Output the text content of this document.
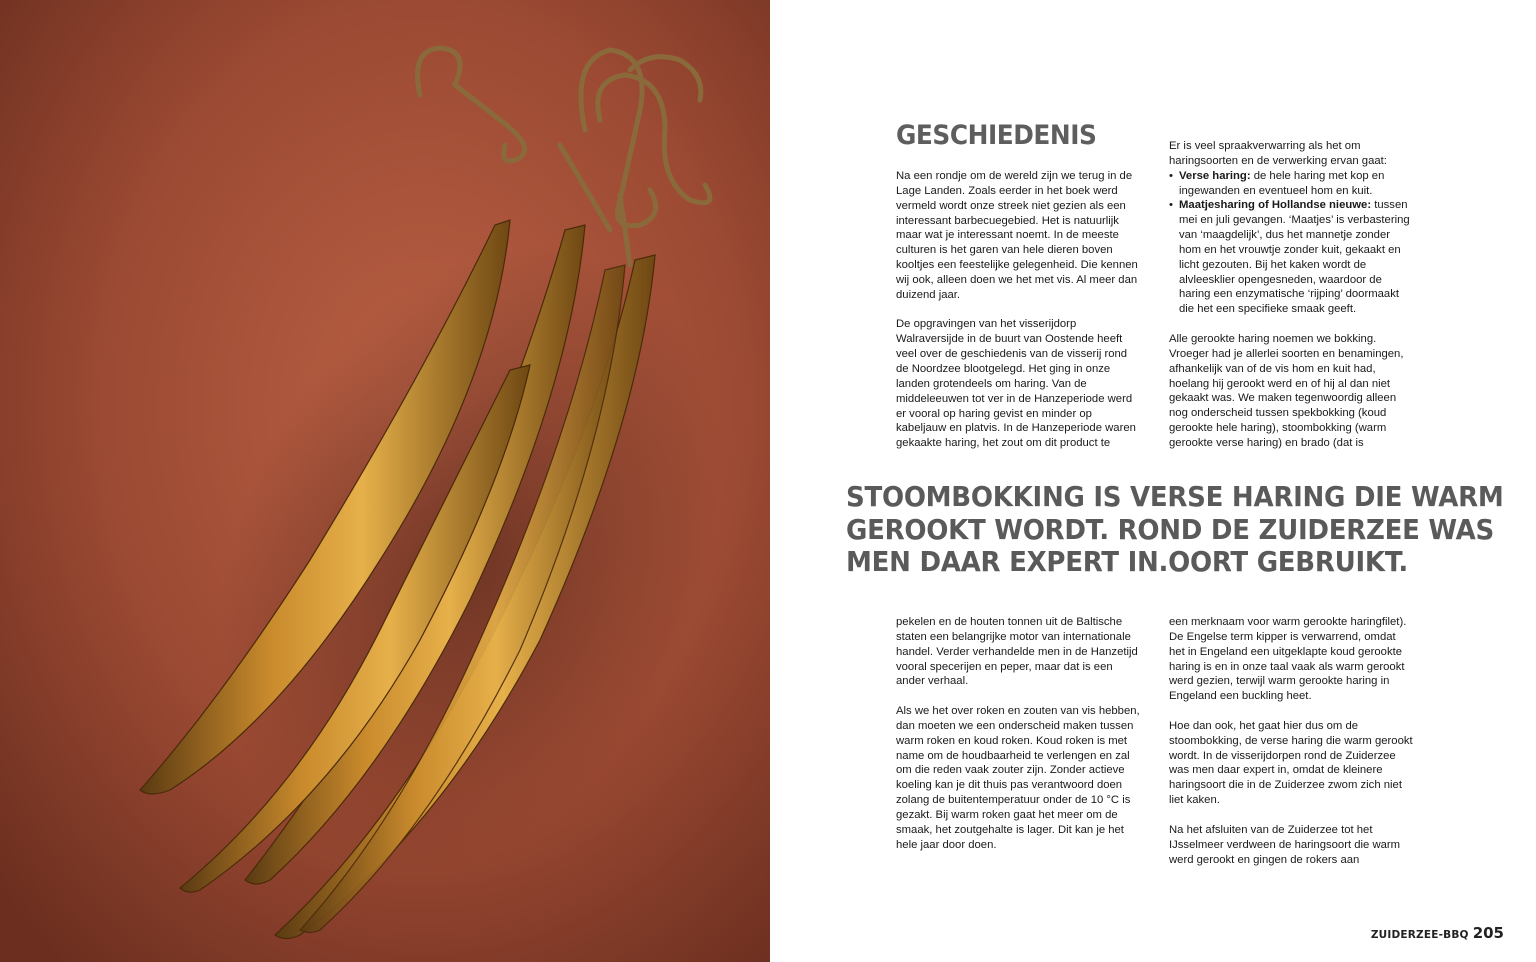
GESCHIEDENIS

Na een rondje om de wereld zijn we terug in de Lage Landen. Zoals eerder in het boek werd vermeld wordt onze streek niet gezien als een interessant barbecuegebied. Het is natuurlijk maar wat je interessant noemt. In de meeste culturen is het garen van hele dieren boven kooltjes een feestelijke gelegenheid. Die kennen wij ook, alleen doen we het met vis. Al meer dan duizend jaar.

De opgravingen van het visserijdorp Walraversijde in de buurt van Oostende heeft veel over de geschiedenis van de visserij rond de Noordzee blootgelegd. Het ging in onze landen grotendeels om haring. Van de middeleeuwen tot ver in de Hanzeperiode werd er vooral op haring gevist en minder op kabeljauw en platvis. In de Hanzeperiode waren gekaakte haring, het zout om dit product te

Er is veel spraakverwarring als het om haringsoorten en de verwerking ervan gaat:
• Verse haring: de hele haring met kop en ingewanden en eventueel hom en kuit.
• Maatjesharing of Hollandse nieuwe: tussen mei en juli gevangen. ‘Maatjes’ is verbastering van ‘maagdelijk’, dus het mannetje zonder hom en het vrouwtje zonder kuit, gekaakt en licht gezouten. Bij het kaken wordt de alvleesklier opengesneden, waardoor de haring een enzymatische ‘rijping’ doormaakt die het een specifieke smaak geeft.

Alle gerookte haring noemen we bokking. Vroeger had je allerlei soorten en benamingen, afhankelijk van of de vis hom en kuit had, hoelang hij gerookt werd en of hij al dan niet gekaakt was. We maken tegenwoordig alleen nog onderscheid tussen spekbokking (koud gerookte hele haring), stoombokking (warm gerookte verse haring) en brado (dat is

STOOMBOKKING IS VERSE HARING DIE WARM
GEROOKT WORDT. ROND DE ZUIDERZEE WAS
MEN DAAR EXPERT IN.OORT GEBRUIKT.

pekelen en de houten tonnen uit de Baltische staten een belangrijke motor van internationale handel. Verder verhandelde men in de Hanzetijd vooral specerijen en peper, maar dat is een ander verhaal.

Als we het over roken en zouten van vis hebben, dan moeten we een onderscheid maken tussen warm roken en koud roken. Koud roken is met name om de houdbaarheid te verlengen en zal om die reden vaak zouter zijn. Zonder actieve koeling kan je dit thuis pas verantwoord doen zolang de buitentemperatuur onder de 10 °C is gezakt. Bij warm roken gaat het meer om de smaak, het zoutgehalte is lager. Dit kan je het hele jaar door doen.

een merknaam voor warm gerookte haringfilet). De Engelse term kipper is verwarrend, omdat het in Engeland een uitgeklapte koud gerookte haring is en in onze taal vaak als warm gerookt werd gezien, terwijl warm gerookte haring in Engeland een buckling heet.

Hoe dan ook, het gaat hier dus om de stoombokking, de verse haring die warm gerookt wordt. In de visserijdorpen rond de Zuiderzee was men daar expert in, omdat de kleinere haringsoort die in de Zuiderzee zwom zich niet liet kaken.

Na het afsluiten van de Zuiderzee tot het IJsselmeer verdween de haringsoort die warm werd gerookt en gingen de rokers aan

ZUIDERZEE-BBQ 205
